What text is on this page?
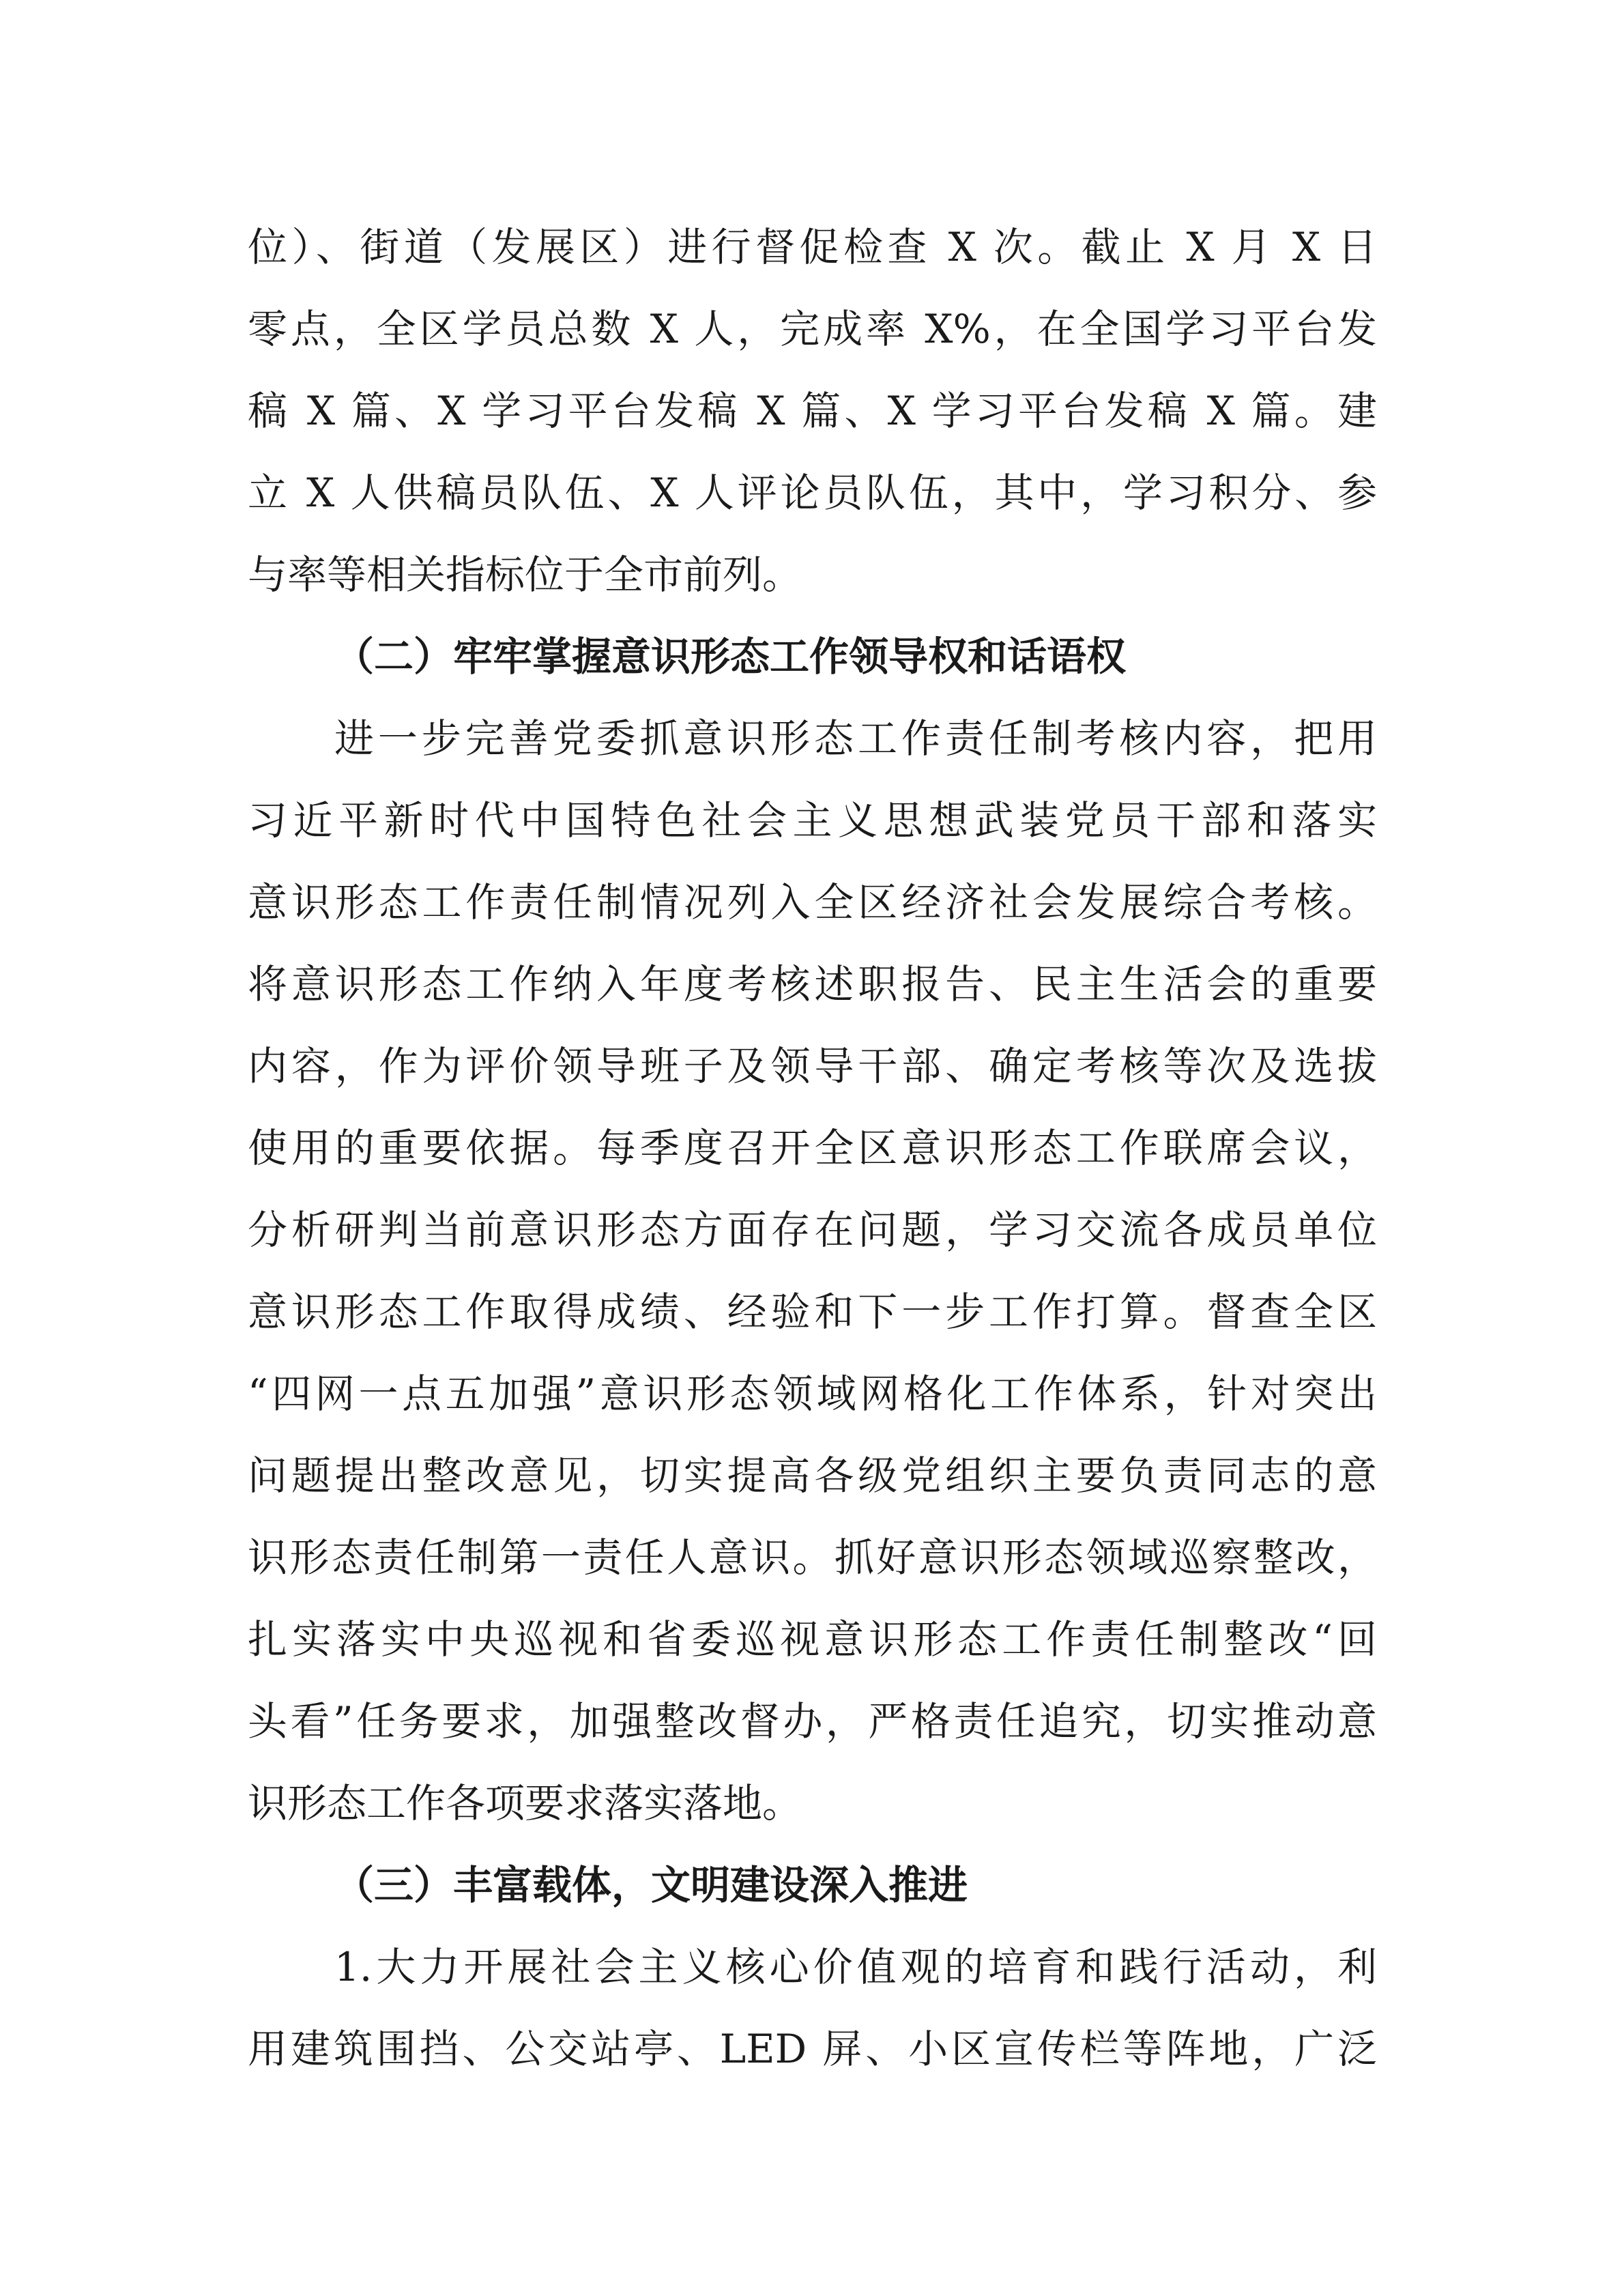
位）、街道（发展区）进行督促检查 X 次。截止 X 月 X 日
零点，全区学员总数 X 人，完成率 X%，在全国学习平台发
稿 X 篇、X 学习平台发稿 X 篇、X 学习平台发稿 X 篇。建
立 X 人供稿员队伍、X 人评论员队伍，其中，学习积分、参
与率等相关指标位于全市前列。
（二）牢牢掌握意识形态工作领导权和话语权
进一步完善党委抓意识形态工作责任制考核内容，把用
习近平新时代中国特色社会主义思想武装党员干部和落实
意识形态工作责任制情况列入全区经济社会发展综合考核。
将意识形态工作纳入年度考核述职报告、民主生活会的重要
内容，作为评价领导班子及领导干部、确定考核等次及选拔
使用的重要依据。每季度召开全区意识形态工作联席会议，
分析研判当前意识形态方面存在问题，学习交流各成员单位
意识形态工作取得成绩、经验和下一步工作打算。督查全区
“四网一点五加强”意识形态领域网格化工作体系，针对突出
问题提出整改意见，切实提高各级党组织主要负责同志的意
识形态责任制第一责任人意识。抓好意识形态领域巡察整改，
扎实落实中央巡视和省委巡视意识形态工作责任制整改“回
头看”任务要求，加强整改督办，严格责任追究，切实推动意
识形态工作各项要求落实落地。
（三）丰富载体，文明建设深入推进
1.大力开展社会主义核心价值观的培育和践行活动，利
用建筑围挡、公交站亭、LED 屏、小区宣传栏等阵地，广泛
